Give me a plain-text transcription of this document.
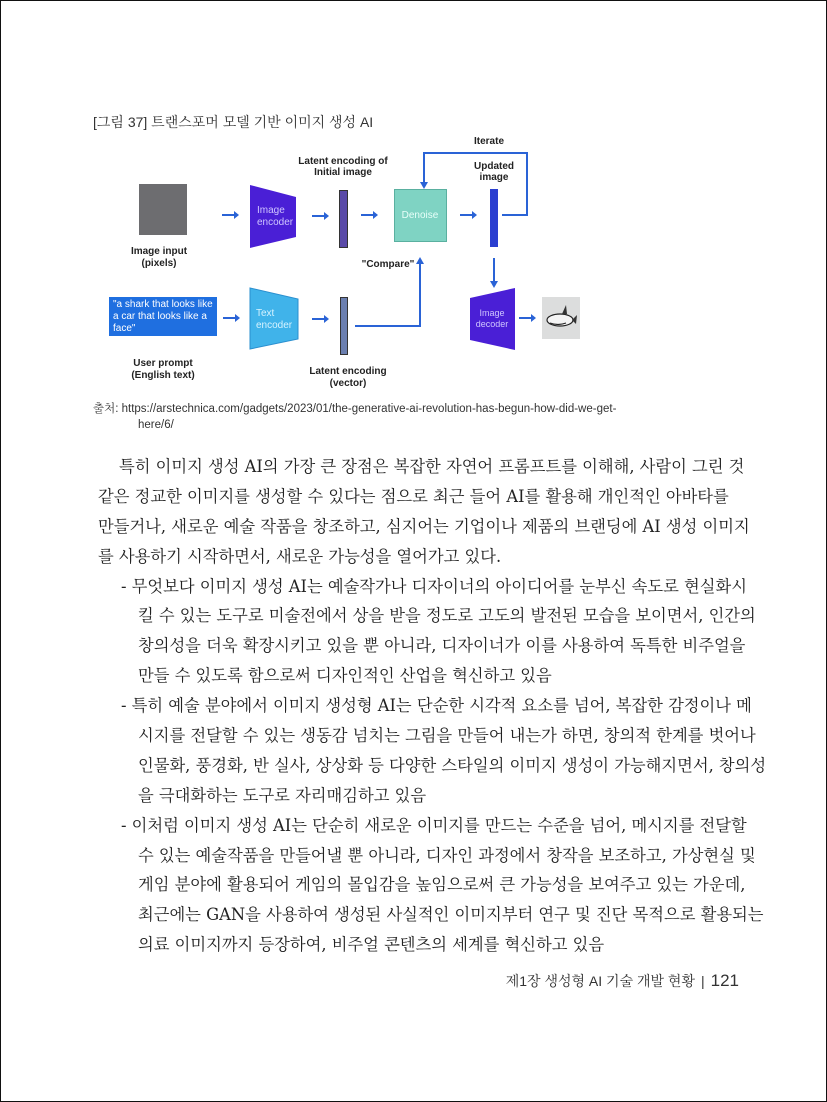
[그림 37] 트랜스포머 모델 기반 이미지 생성 AI
Iterate
Image input
(pixels)
Image
encoder
Latent encoding of
Initial image
Denoise
Updated
image
"Compare"
"a shark that looks like a car that looks like a face"
User prompt
(English text)
Text
encoder
Latent encoding
(vector)
Image
decoder
출처: https://arstechnica.com/gadgets/2023/01/the-generative-ai-revolution-has-begun-how-did-we-get-
here/6/
특히 이미지 생성 AI의 가장 큰 장점은 복잡한 자연어 프롬프트를 이해해, 사람이 그린 것
같은 정교한 이미지를 생성할 수 있다는 점으로 최근 들어 AI를 활용해 개인적인 아바타를
만들거나, 새로운 예술 작품을 창조하고, 심지어는 기업이나 제품의 브랜딩에 AI 생성 이미지
를 사용하기 시작하면서, 새로운 가능성을 열어가고 있다.
- 무엇보다 이미지 생성 AI는 예술작가나 디자이너의 아이디어를 눈부신 속도로 현실화시
킬 수 있는 도구로 미술전에서 상을 받을 정도로 고도의 발전된 모습을 보이면서, 인간의
창의성을 더욱 확장시키고 있을 뿐 아니라, 디자이너가 이를 사용하여 독특한 비주얼을
만들 수 있도록 함으로써 디자인적인 산업을 혁신하고 있음
- 특히 예술 분야에서 이미지 생성형 AI는 단순한 시각적 요소를 넘어, 복잡한 감정이나 메
시지를 전달할 수 있는 생동감 넘치는 그림을 만들어 내는가 하면, 창의적 한계를 벗어나
인물화, 풍경화, 반 실사, 상상화 등 다양한 스타일의 이미지 생성이 가능해지면서, 창의성
을 극대화하는 도구로 자리매김하고 있음
- 이처럼 이미지 생성 AI는 단순히 새로운 이미지를 만드는 수준을 넘어, 메시지를 전달할
수 있는 예술작품을 만들어낼 뿐 아니라, 디자인 과정에서 창작을 보조하고, 가상현실 및
게임 분야에 활용되어 게임의 몰입감을 높임으로써 큰 가능성을 보여주고 있는 가운데,
최근에는 GAN을 사용하여 생성된 사실적인 이미지부터 연구 및 진단 목적으로 활용되는
의료 이미지까지 등장하여, 비주얼 콘텐츠의 세계를 혁신하고 있음
제1장 생성형 AI 기술 개발 현황 | 121
